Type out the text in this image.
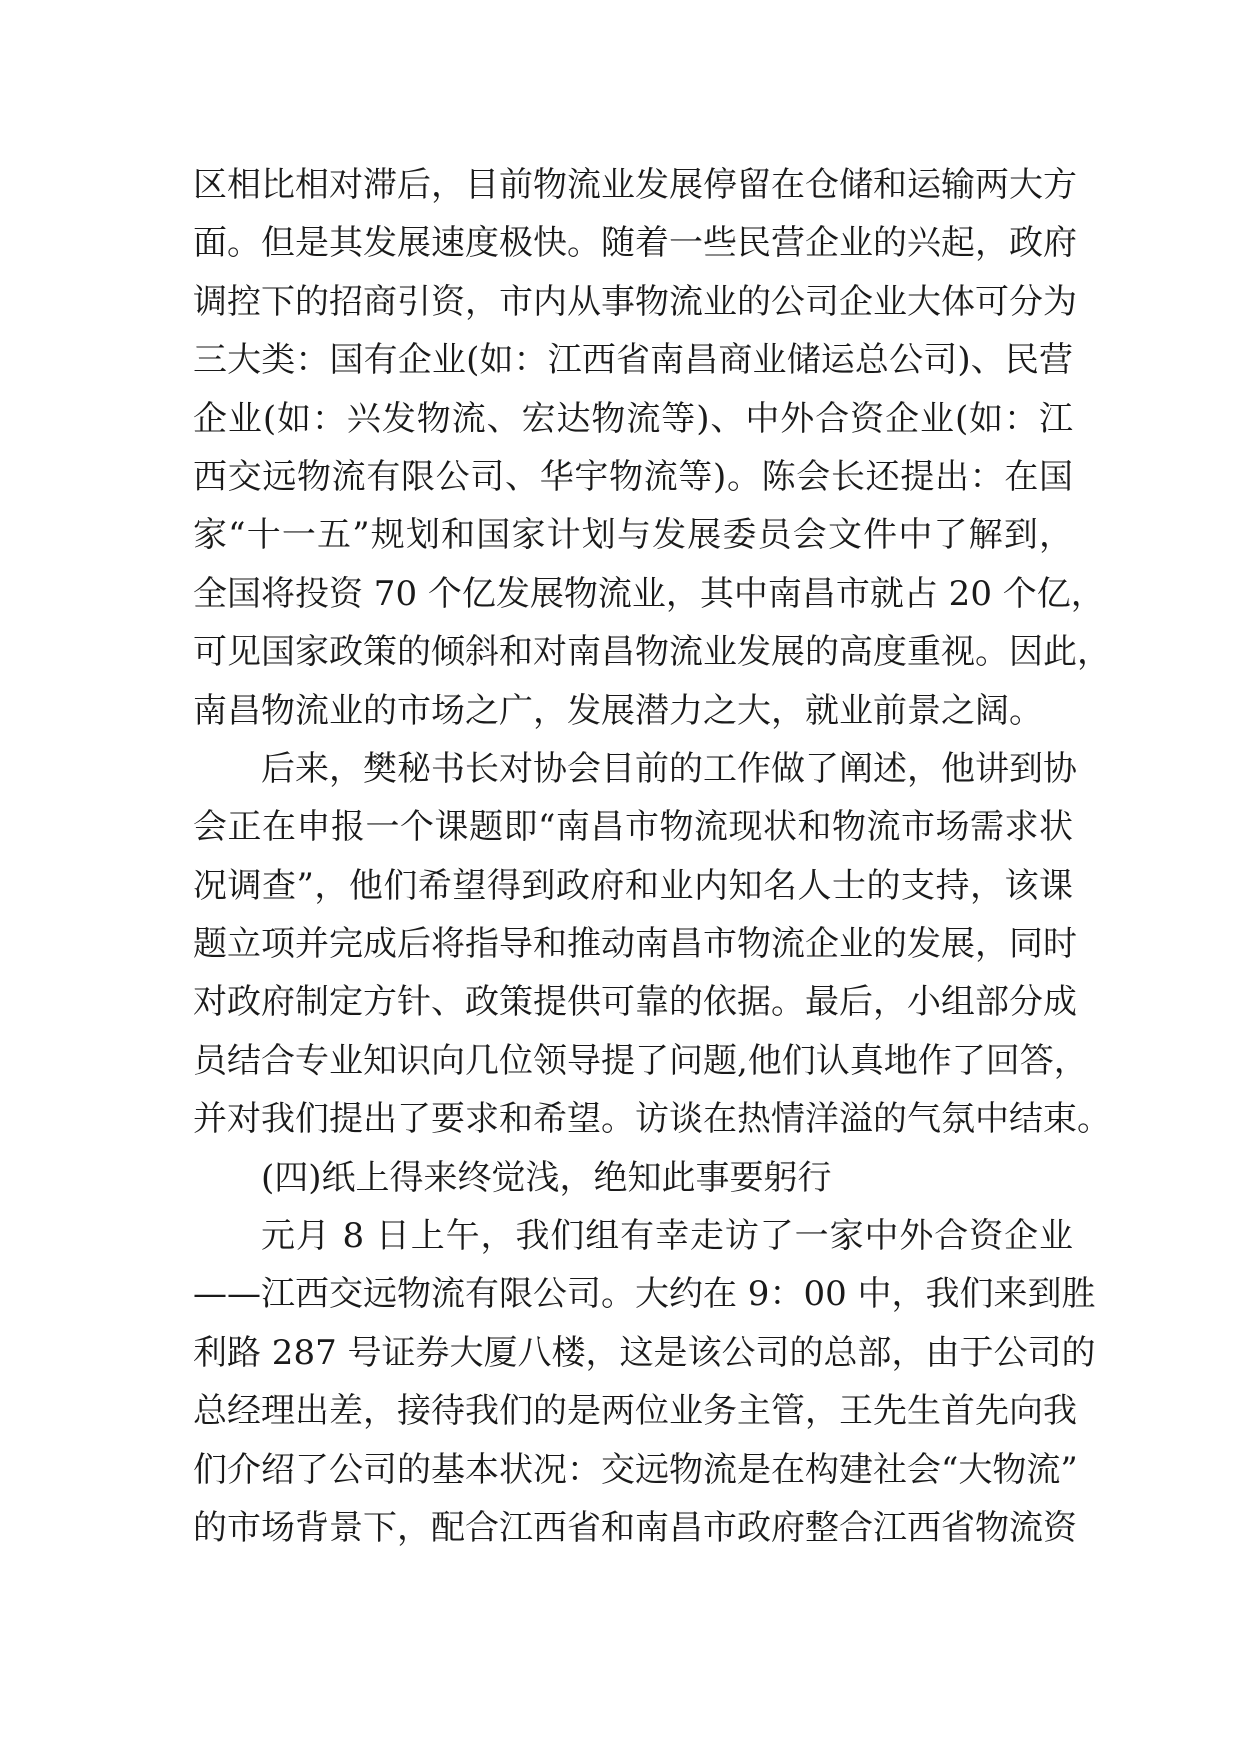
区相比相对滞后，目前物流业发展停留在仓储和运输两大方
面。但是其发展速度极快。随着一些民营企业的兴起，政府
调控下的招商引资，市内从事物流业的公司企业大体可分为
三大类：国有企业(如：江西省南昌商业储运总公司)、民营
企业(如：兴发物流、宏达物流等)、中外合资企业(如：江
西交远物流有限公司、华宇物流等)。陈会长还提出：在国
家“十一五”规划和国家计划与发展委员会文件中了解到，
全国将投资 70 个亿发展物流业，其中南昌市就占 20 个亿，
可见国家政策的倾斜和对南昌物流业发展的高度重视。因此，
南昌物流业的市场之广，发展潜力之大，就业前景之阔。
后来，樊秘书长对协会目前的工作做了阐述，他讲到协
会正在申报一个课题即“南昌市物流现状和物流市场需求状
况调查”，他们希望得到政府和业内知名人士的支持，该课
题立项并完成后将指导和推动南昌市物流企业的发展，同时
对政府制定方针、政策提供可靠的依据。最后，小组部分成
员结合专业知识向几位领导提了问题,他们认真地作了回答，
并对我们提出了要求和希望。访谈在热情洋溢的气氛中结束。
(四)纸上得来终觉浅，绝知此事要躬行
元月 8 日上午，我们组有幸走访了一家中外合资企业
——江西交远物流有限公司。大约在 9：00 中，我们来到胜
利路 287 号证券大厦八楼，这是该公司的总部，由于公司的
总经理出差，接待我们的是两位业务主管，王先生首先向我
们介绍了公司的基本状况：交远物流是在构建社会“大物流”
的市场背景下，配合江西省和南昌市政府整合江西省物流资
